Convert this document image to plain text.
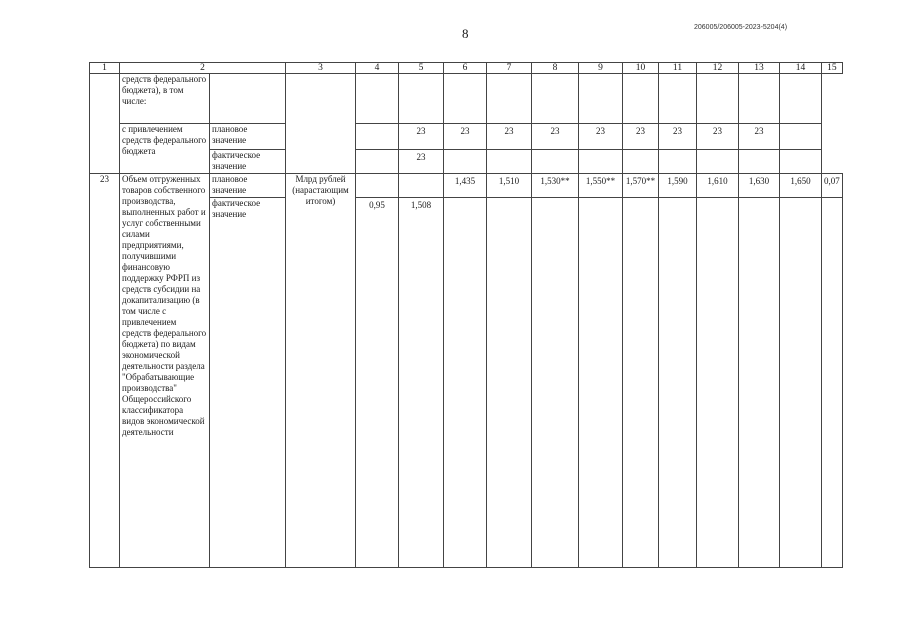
8	206005/206005-2023-5204(4)
1	2		3	4	5	6	7	8	9	10	11	12	13	14	15
	средств федерального бюджета), в том числе:														
	с привлечением средств федерального бюджета	плановое значение			23	23	23	23	23	23	23	23	23		
		фактическое значение			23										
23	Объем отгруженных товаров собственного производства, выполненных работ и услуг собственными силами предприятиями, получившими финансовую поддержку РФРП из средств субсидии на докапитализацию (в том числе с привлечением средств федерального бюджета) по видам экономической деятельности раздела "Обрабатывающие производства" Общероссийского классификатора видов экономической деятельности	плановое значение	Млрд рублей (нарастающим итогом)			1,435	1,510	1,530**	1,550**	1,570**	1,590	1,610	1,630	1,650	0,07
		фактическое значение		0,95	1,508										
